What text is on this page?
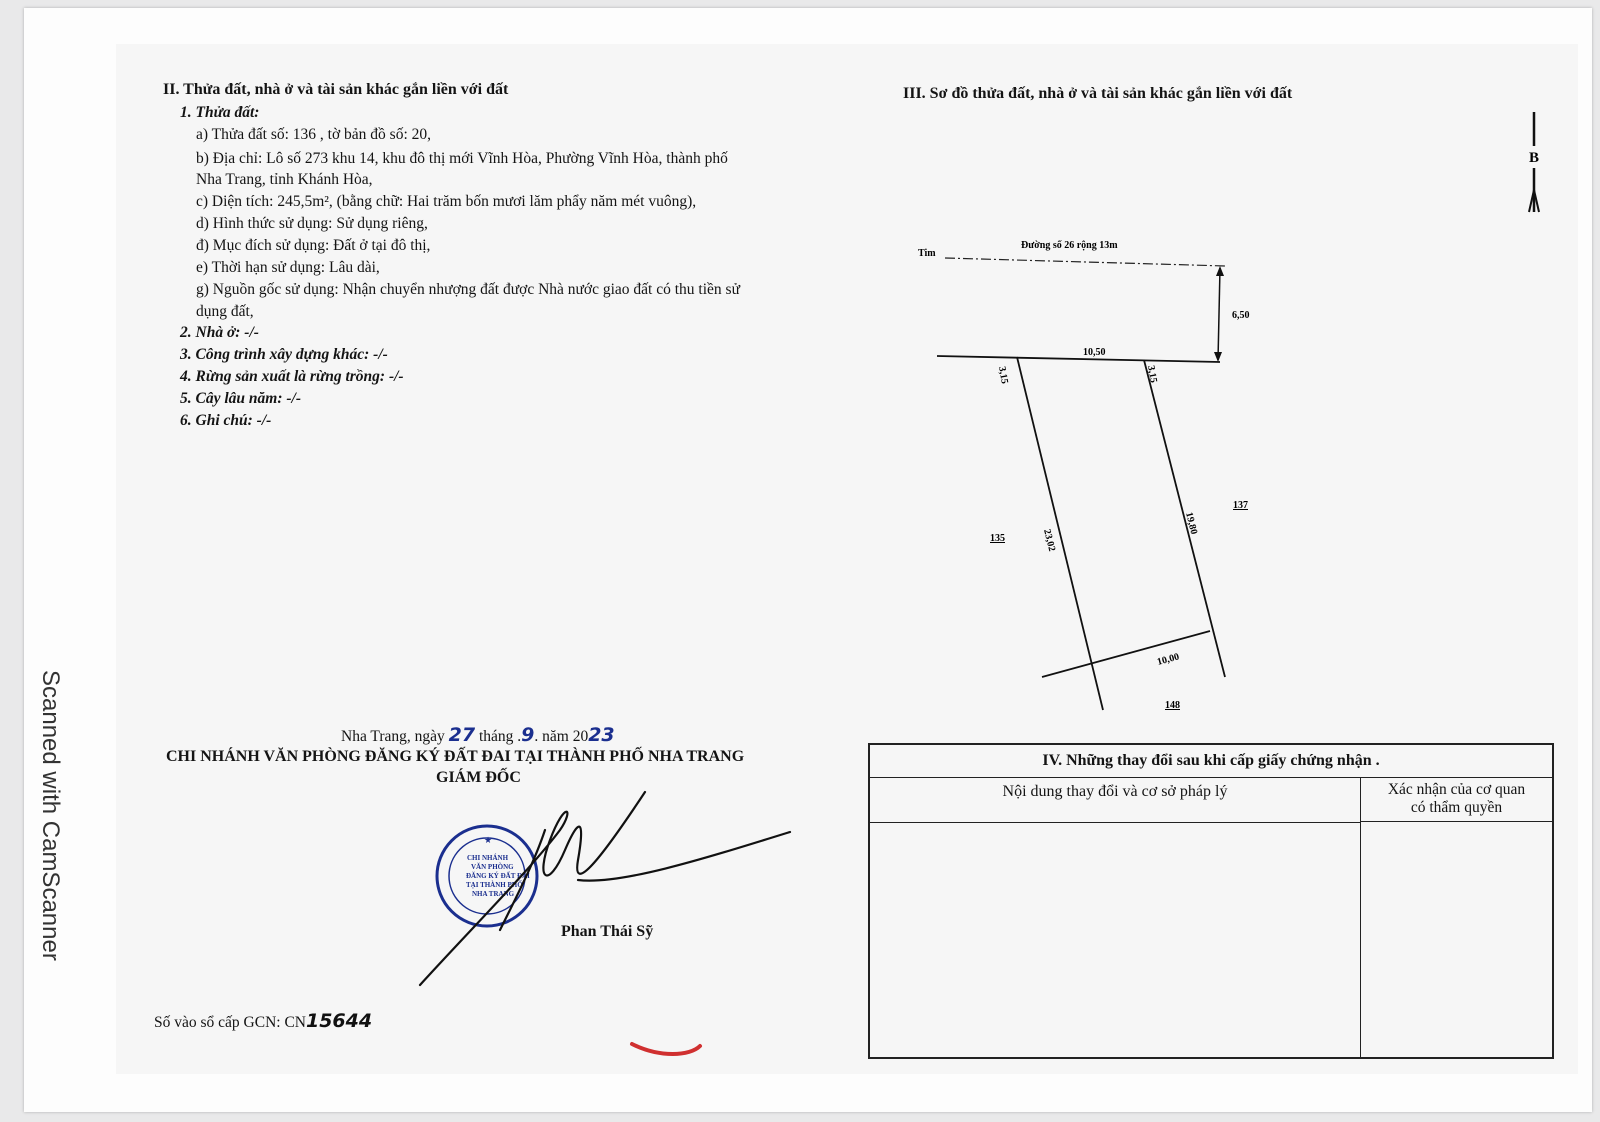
Scanned with CamScanner
II. Thửa đất, nhà ở và tài sản khác gắn liền với đất
1. Thửa đất:
a) Thửa đất số: 136 , tờ bản đồ số: 20,
b) Địa chỉ: Lô số 273 khu 14, khu đô thị mới Vĩnh Hòa, Phường Vĩnh Hòa, thành phố
Nha Trang, tỉnh Khánh Hòa,
c) Diện tích: 245,5m², (bằng chữ: Hai trăm bốn mươi lăm phẩy năm mét vuông),
d) Hình thức sử dụng: Sử dụng riêng,
đ) Mục đích sử dụng: Đất ở tại đô thị,
e) Thời hạn sử dụng: Lâu dài,
g) Nguồn gốc sử dụng: Nhận chuyển nhượng đất được Nhà nước giao đất có thu tiền sử
dụng đất,
2. Nhà ở: -/-
3. Công trình xây dựng khác: -/-
4. Rừng sản xuất là rừng trồng: -/-
5. Cây lâu năm: -/-
6. Ghi chú: -/-
III. Sơ đồ thửa đất, nhà ở và tài sản khác gắn liền với đất
B
Tim
Đường số 26 rộng 13m
6,50
10,50
3,15	3,15
23,02
19,80
10,00
135
137
148
CHI NHÁNH
VĂN PHÒNG
ĐĂNG KÝ ĐẤT ĐAI
TẠI THÀNH PHỐ
NHA TRANG
★
Nha Trang, ngày 27 tháng .9. năm 2023
CHI NHÁNH VĂN PHÒNG ĐĂNG KÝ ĐẤT ĐAI TẠI THÀNH PHỐ NHA TRANG
GIÁM ĐỐC
Phan Thái Sỹ
Số vào sổ cấp GCN: CN15644
IV. Những thay đổi sau khi cấp giấy chứng nhận .
Nội dung thay đổi và cơ sở pháp lý	Xác nhận của cơ quan
có thẩm quyền
